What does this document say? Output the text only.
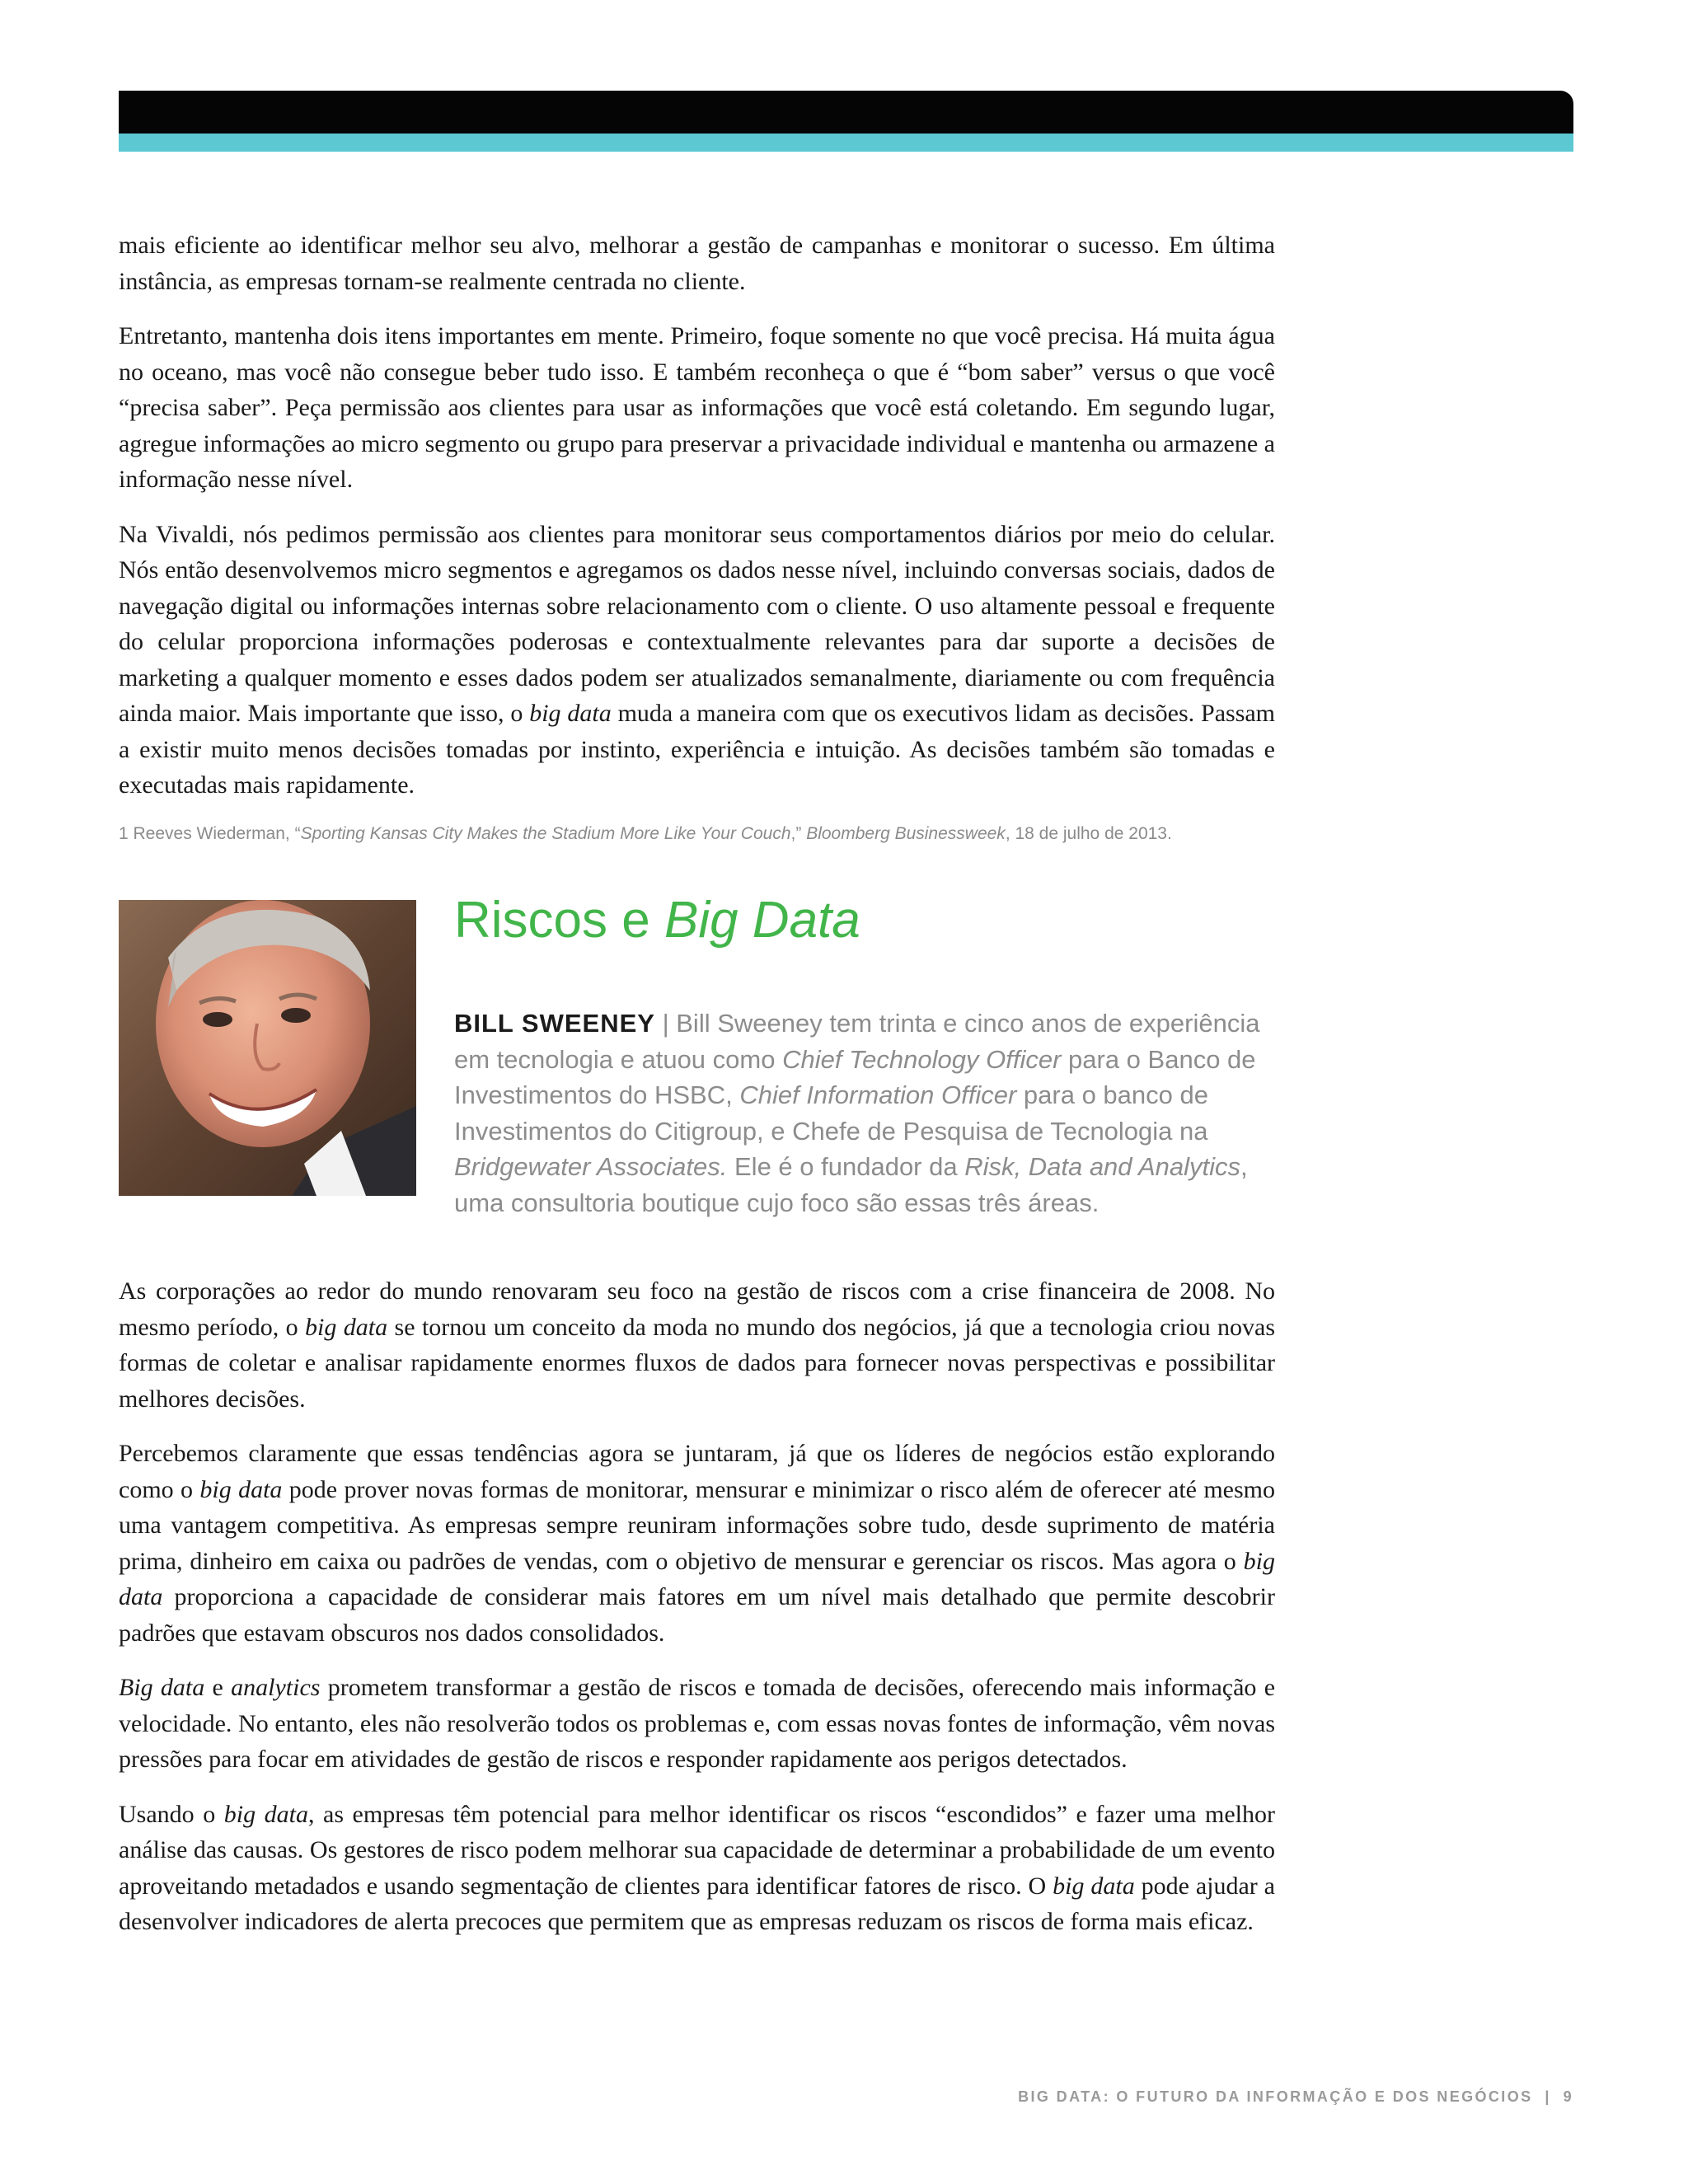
mais eficiente ao identificar melhor seu alvo, melhorar a gestão de campanhas e monitorar o sucesso. Em última instância, as empresas tornam-se realmente centrada no cliente.

Entretanto, mantenha dois itens importantes em mente. Primeiro, foque somente no que você precisa. Há muita água no oceano, mas você não consegue beber tudo isso. E também reconheça o que é “bom saber” versus o que você “precisa saber”. Peça permissão aos clientes para usar as informações que você está coletando. Em segundo lugar, agregue informações ao micro segmento ou grupo para preservar a privacidade individual e mantenha ou armazene a informação nesse nível.

Na Vivaldi, nós pedimos permissão aos clientes para monitorar seus comportamentos diários por meio do celular. Nós então desenvolvemos micro segmentos e agregamos os dados nesse nível, incluindo conversas sociais, dados de navegação digital ou informações internas sobre relacionamento com o cliente. O uso altamente pessoal e frequente do celular proporciona informações poderosas e contextualmente relevantes para dar suporte a decisões de marketing a qualquer momento e esses dados podem ser atualizados semanalmente, diariamente ou com frequência ainda maior. Mais importante que isso, o big data muda a maneira com que os executivos lidam as decisões. Passam a existir muito menos decisões tomadas por instinto, experiência e intuição. As decisões também são tomadas e executadas mais rapidamente.

1 Reeves Wiederman, “Sporting Kansas City Makes the Stadium More Like Your Couch,” Bloomberg Businessweek, 18 de julho de 2013.
Riscos e Big Data

BILL SWEENEY | Bill Sweeney tem trinta e cinco anos de experiência em tecnologia e atuou como Chief Technology Officer para o Banco de Investimentos do HSBC, Chief Information Officer para o banco de Investimentos do Citigroup, e Chefe de Pesquisa de Tecnologia na Bridgewater Associates. Ele é o fundador da Risk, Data and Analytics, uma consultoria boutique cujo foco são essas três áreas.

As corporações ao redor do mundo renovaram seu foco na gestão de riscos com a crise financeira de 2008. No mesmo período, o big data se tornou um conceito da moda no mundo dos negócios, já que a tecnologia criou novas formas de coletar e analisar rapidamente enormes fluxos de dados para fornecer novas perspectivas e possibilitar melhores decisões.

Percebemos claramente que essas tendências agora se juntaram, já que os líderes de negócios estão explorando como o big data pode prover novas formas de monitorar, mensurar e minimizar o risco além de oferecer até mesmo uma vantagem competitiva. As empresas sempre reuniram informações sobre tudo, desde suprimento de matéria prima, dinheiro em caixa ou padrões de vendas, com o objetivo de mensurar e gerenciar os riscos. Mas agora o big data proporciona a capacidade de considerar mais fatores em um nível mais detalhado que permite descobrir padrões que estavam obscuros nos dados consolidados.

Big data e analytics prometem transformar a gestão de riscos e tomada de decisões, oferecendo mais informação e velocidade. No entanto, eles não resolverão todos os problemas e, com essas novas fontes de informação, vêm novas pressões para focar em atividades de gestão de riscos e responder rapidamente aos perigos detectados.

Usando o big data, as empresas têm potencial para melhor identificar os riscos “escondidos” e fazer uma melhor análise das causas. Os gestores de risco podem melhorar sua capacidade de determinar a probabilidade de um evento aproveitando metadados e usando segmentação de clientes para identificar fatores de risco. O big data pode ajudar a desenvolver indicadores de alerta precoces que permitem que as empresas reduzam os riscos de forma mais eficaz.

BIG DATA: O FUTURO DA INFORMAÇÃO E DOS NEGÓCIOS  |  9
